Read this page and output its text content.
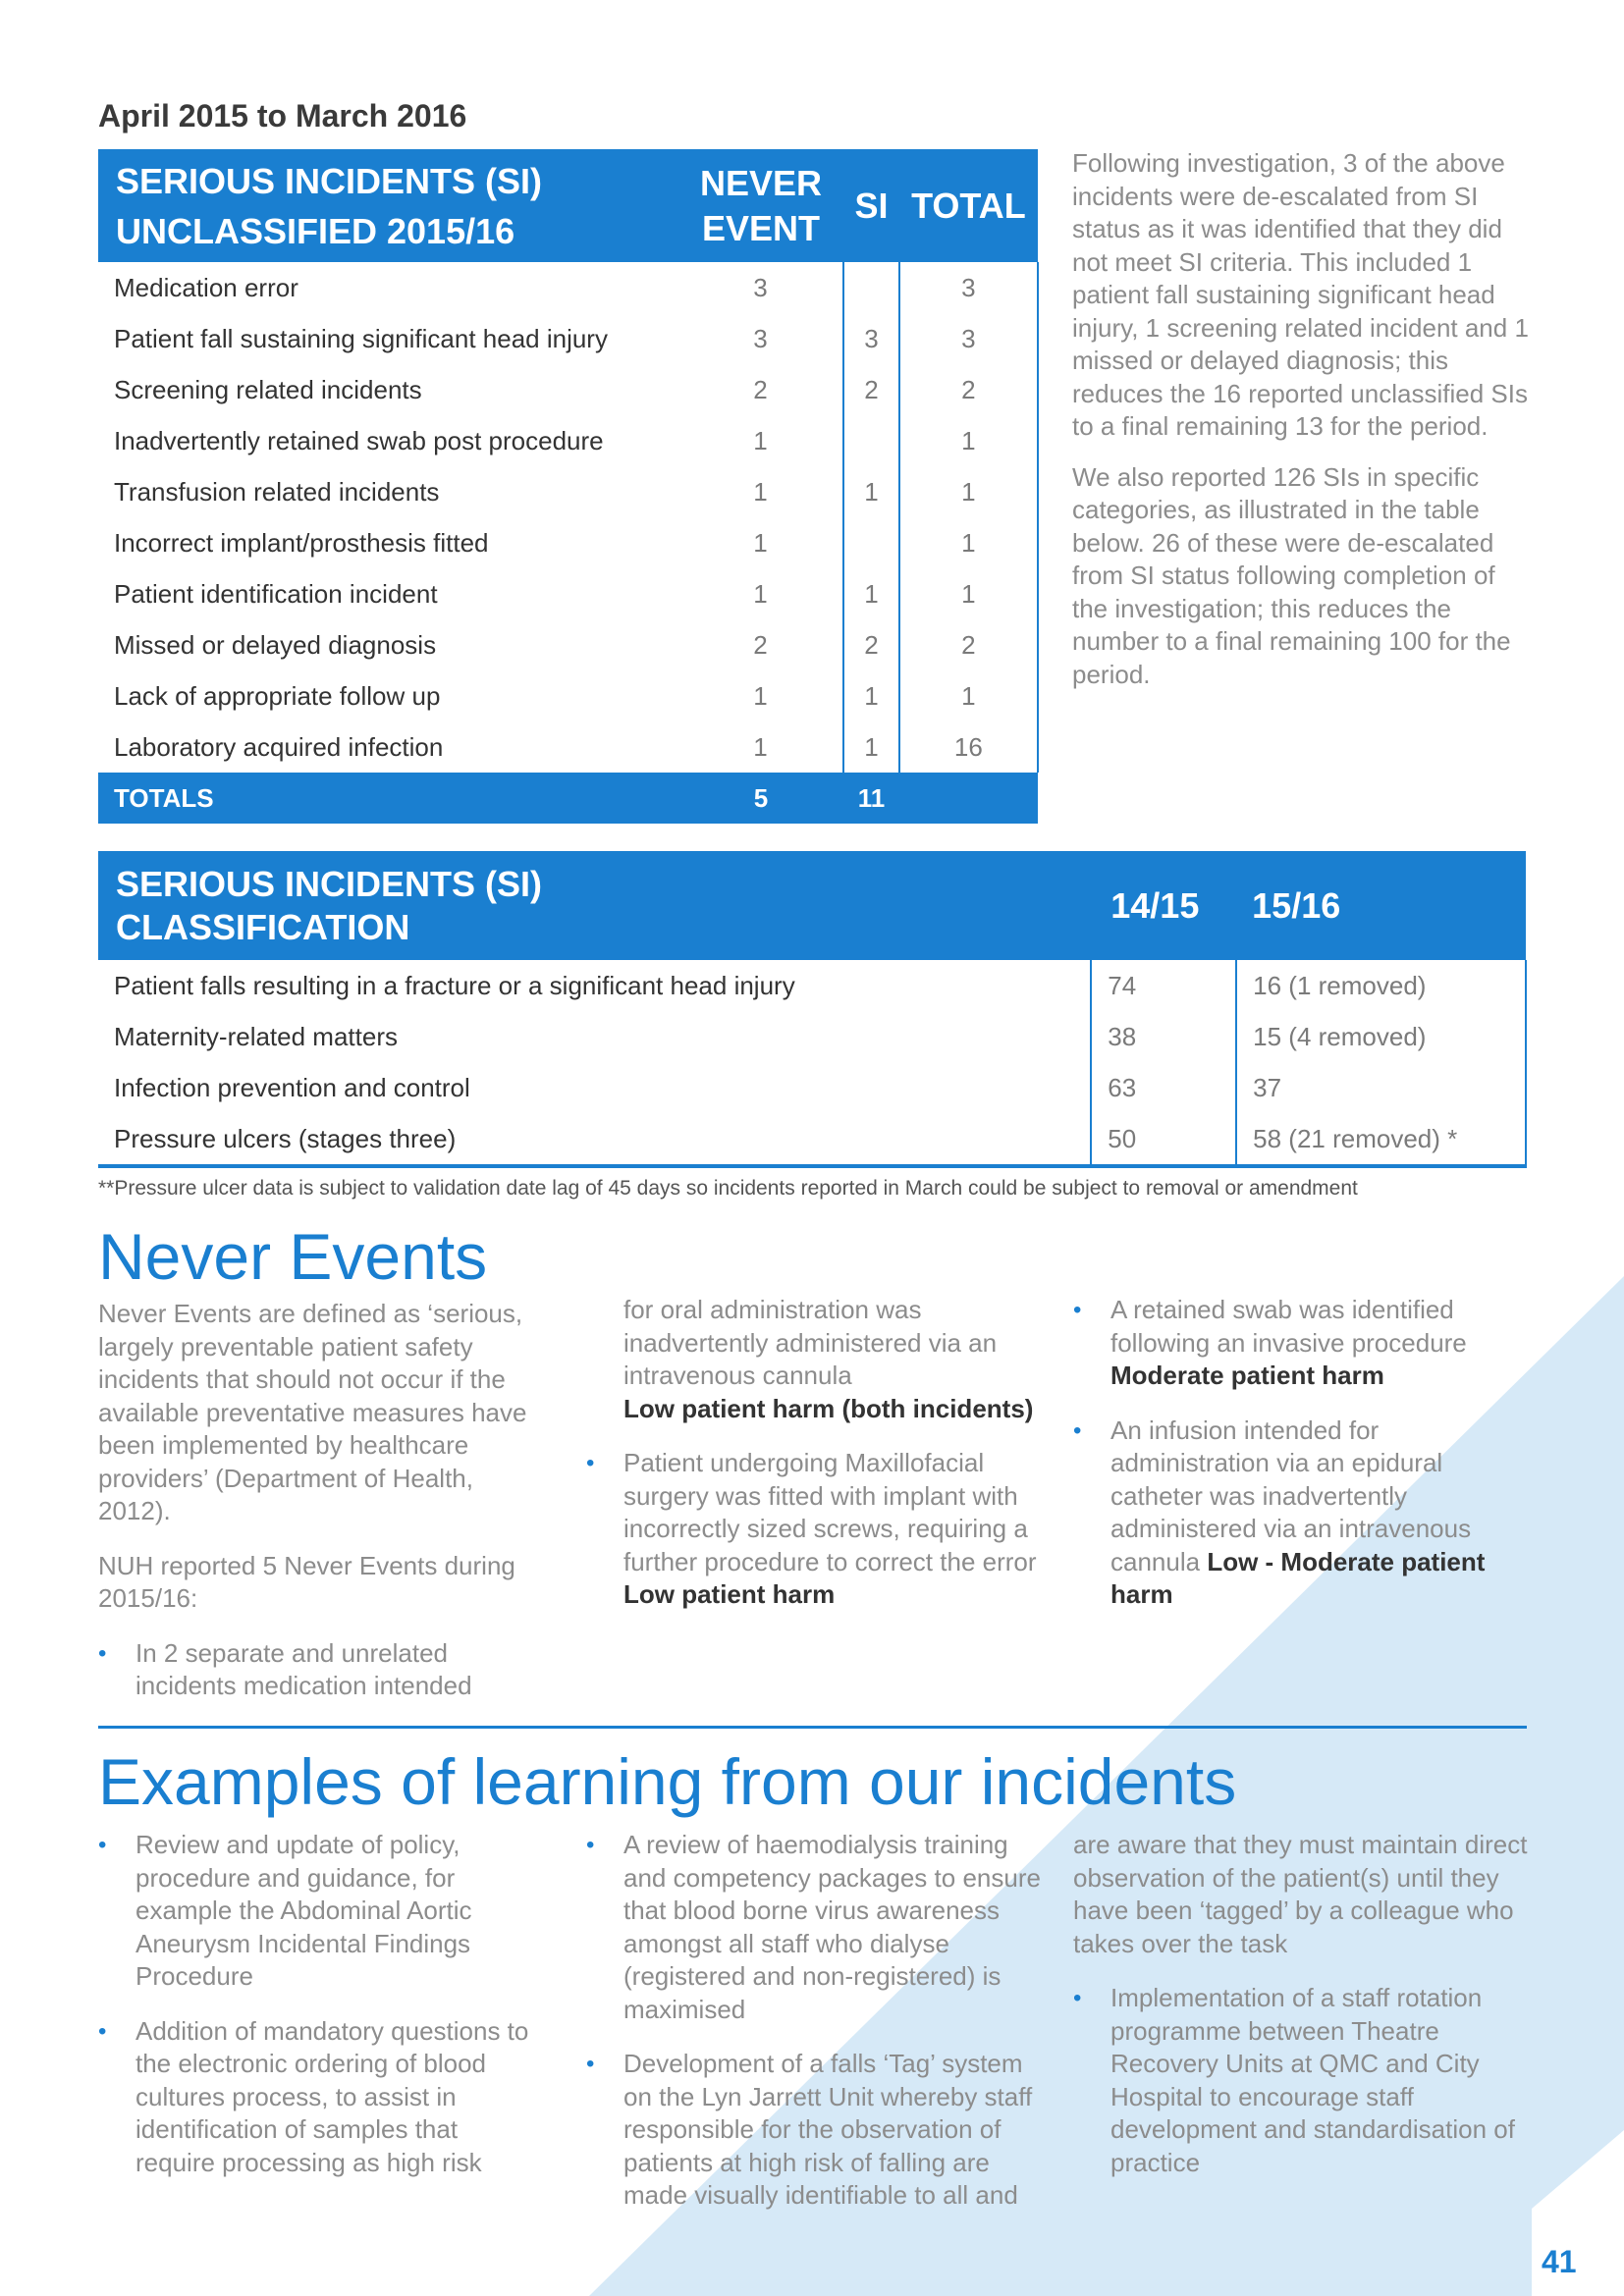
April 2015 to March 2016
SERIOUS INCIDENTS (SI)
UNCLASSIFIED 2015/16	NEVER EVENT	SI	TOTAL
Medication error	3		3
Patient fall sustaining significant head injury	3	3	3
Screening related incidents	2	2	2
Inadvertently retained swab post procedure	1		1
Transfusion related incidents	1	1	1
Incorrect implant/prosthesis fitted	1		1
Patient identification incident	1	1	1
Missed or delayed diagnosis	2	2	2
Lack of appropriate follow up	1	1	1
Laboratory acquired infection	1	1	16
TOTALS	5	11	

Following investigation, 3 of the above incidents were de-escalated from SI status as it was identified that they did not meet SI criteria. This included 1 patient fall sustaining significant head injury, 1 screening related incident and 1 missed or delayed diagnosis; this reduces the 16 reported unclassified SIs to a final remaining 13 for the period.

We also reported 126 SIs in specific categories, as illustrated in the table below. 26 of these were de-escalated from SI status following completion of the investigation; this reduces the number to a final remaining 100 for the period.

SERIOUS INCIDENTS (SI)
CLASSIFICATION	14/15	15/16
Patient falls resulting in a fracture or a significant head injury	74	16 (1 removed)
Maternity-related matters	38	15 (4 removed)
Infection prevention and control	63	37
Pressure ulcers (stages three)	50	58 (21 removed) *
**Pressure ulcer data is subject to validation date lag of 45 days so incidents reported in March could be subject to removal or amendment
Never Events

Never Events are defined as ‘serious, largely preventable patient safety incidents that should not occur if the available preventative measures have been implemented by healthcare providers’ (Department of Health, 2012).

NUH reported 5 Never Events during 2015/16:

• In 2 separate and unrelated incidents medication intended
for oral administration was inadvertently administered via an intravenous cannula
Low patient harm (both incidents)
• Patient undergoing Maxillofacial surgery was fitted with implant with incorrectly sized screws, requiring a further procedure to correct the error
Low patient harm
• A retained swab was identified following an invasive procedure
Moderate patient harm
• An infusion intended for administration via an epidural catheter was inadvertently administered via an intravenous cannula Low - Moderate patient harm
Examples of learning from our incidents
• Review and update of policy, procedure and guidance, for example the Abdominal Aortic Aneurysm Incidental Findings Procedure
• Addition of mandatory questions to the electronic ordering of blood cultures process, to assist in identification of samples that require processing as high risk
• A review of haemodialysis training and competency packages to ensure that blood borne virus awareness amongst all staff who dialyse (registered and non-registered) is maximised
• Development of a falls ‘Tag’ system on the Lyn Jarrett Unit whereby staff responsible for the observation of patients at high risk of falling are made visually identifiable to all and

are aware that they must maintain direct observation of the patient(s) until they have been ‘tagged’ by a colleague who takes over the task

• Implementation of a staff rotation programme between Theatre Recovery Units at QMC and City Hospital to encourage staff development and standardisation of practice
41
